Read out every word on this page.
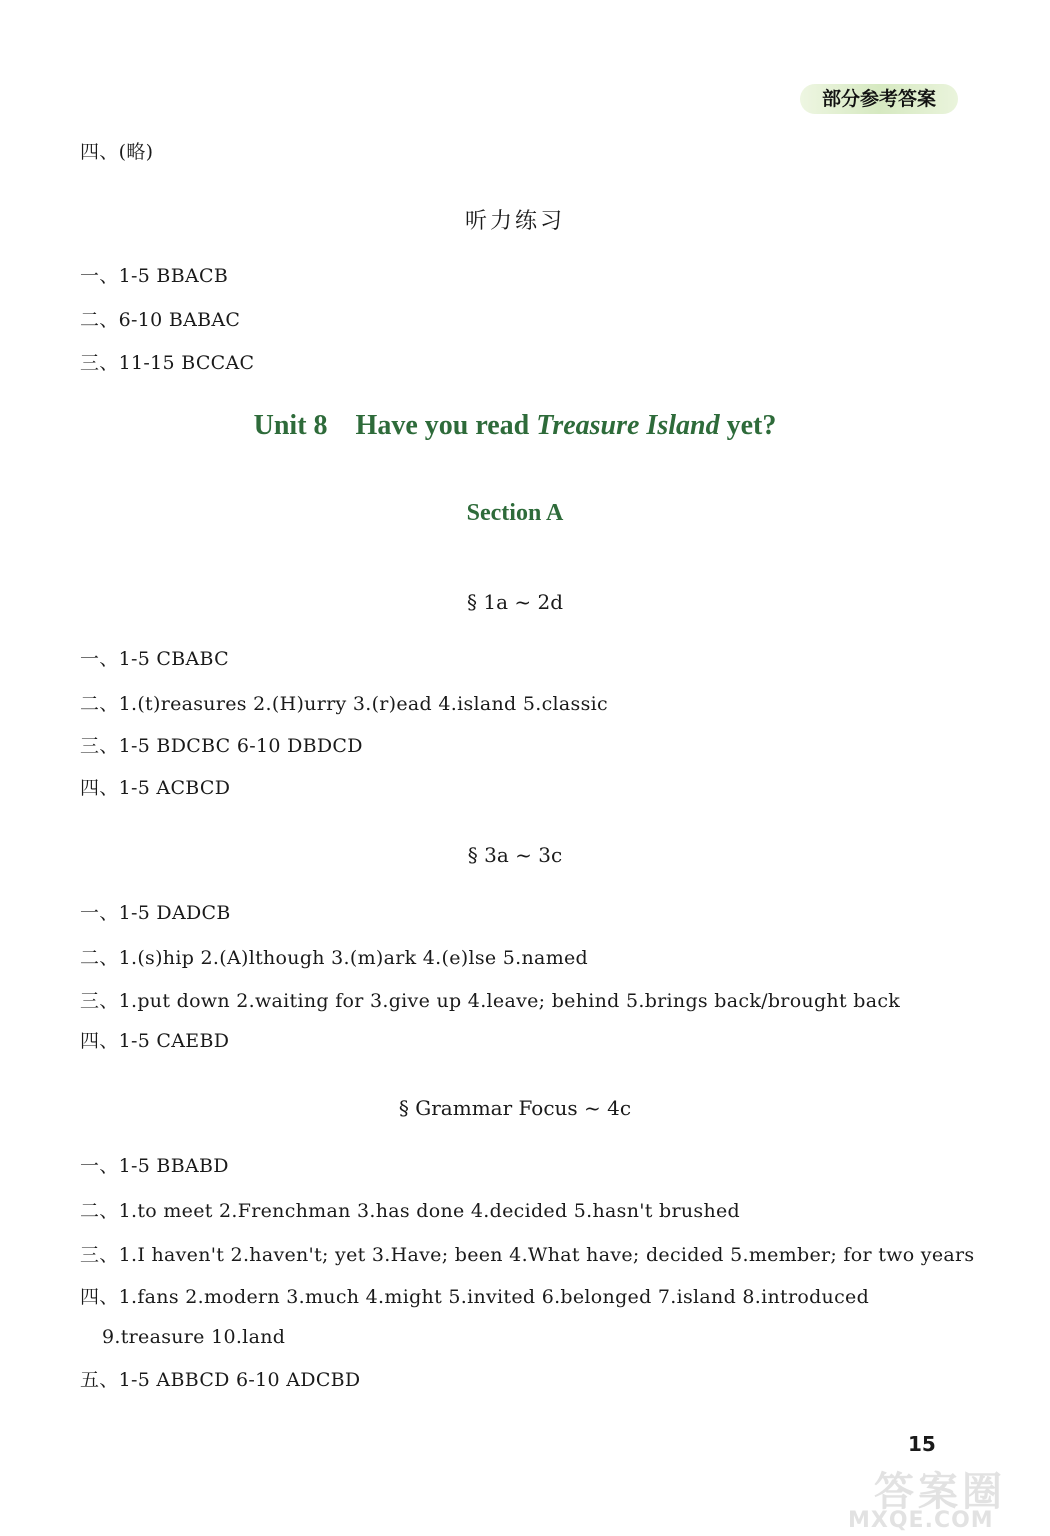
部分参考答案
四、(略)
听力练习
一、1-5 BBACB
二、6-10 BABAC
三、11-15 BCCAC
Unit 8 Have you read Treasure Island yet?
Section A
§ 1a ~ 2d
一、1-5 CBABC
二、1.(t)reasures 2.(H)urry 3.(r)ead 4.island 5.classic
三、1-5 BDCBC 6-10 DBDCD
四、1-5 ACBCD
§ 3a ~ 3c
一、1-5 DADCB
二、1.(s)hip 2.(A)lthough 3.(m)ark 4.(e)lse 5.named
三、1.put down 2.waiting for 3.give up 4.leave; behind 5.brings back/brought back
四、1-5 CAEBD
§ Grammar Focus ~ 4c
一、1-5 BBABD
二、1.to meet 2.Frenchman 3.has done 4.decided 5.hasn't brushed
三、1.I haven't 2.haven't; yet 3.Have; been 4.What have; decided 5.member; for two years
四、1.fans 2.modern 3.much 4.might 5.invited 6.belonged 7.island 8.introduced
9.treasure 10.land
五、1-5 ABBCD 6-10 ADCBD
15
答案圈
MXQE.COM
